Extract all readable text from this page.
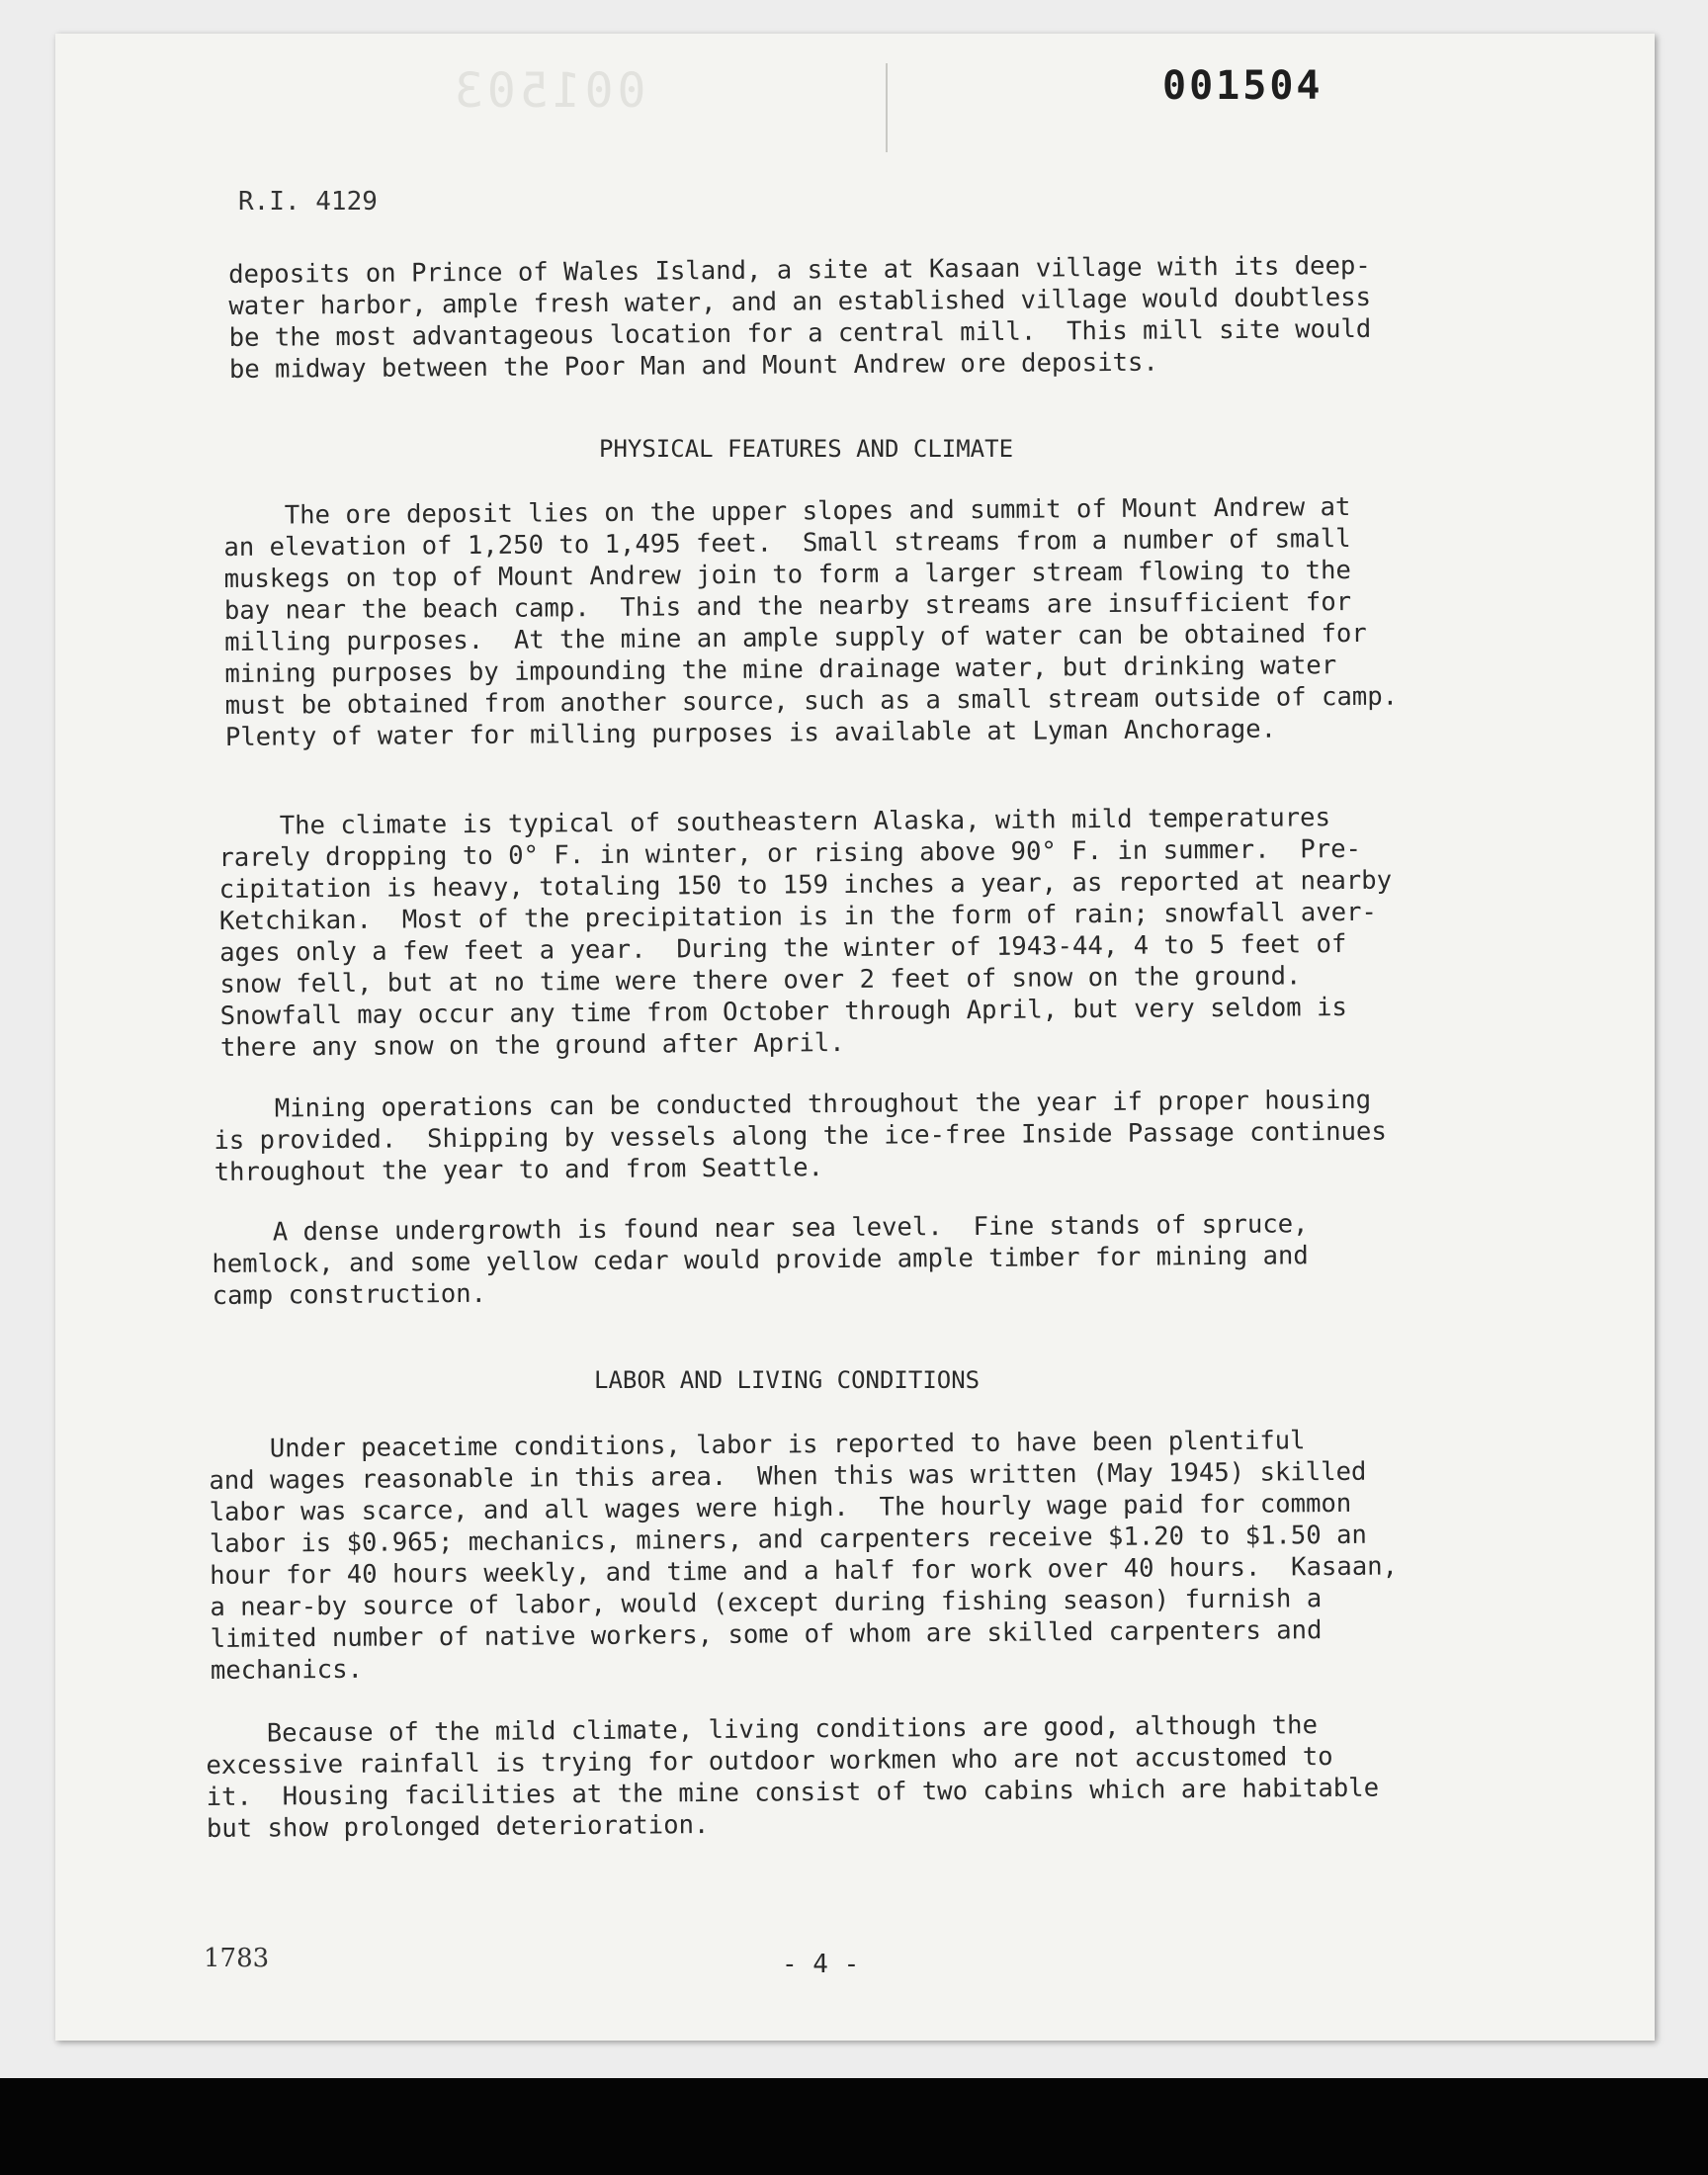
001503	001504
R.I. 4129

deposits on Prince of Wales Island, a site at Kasaan village with its deep-
water harbor, ample fresh water, and an established village would doubtless
be the most advantageous location for a central mill.  This mill site would
be midway between the Poor Man and Mount Andrew ore deposits.

PHYSICAL FEATURES AND CLIMATE

The ore deposit lies on the upper slopes and summit of Mount Andrew at
an elevation of 1,250 to 1,495 feet.  Small streams from a number of small
muskegs on top of Mount Andrew join to form a larger stream flowing to the
bay near the beach camp.  This and the nearby streams are insufficient for
milling purposes.  At the mine an ample supply of water can be obtained for
mining purposes by impounding the mine drainage water, but drinking water
must be obtained from another source, such as a small stream outside of camp.
Plenty of water for milling purposes is available at Lyman Anchorage.

The climate is typical of southeastern Alaska, with mild temperatures
rarely dropping to 0° F. in winter, or rising above 90° F. in summer.  Pre-
cipitation is heavy, totaling 150 to 159 inches a year, as reported at nearby
Ketchikan.  Most of the precipitation is in the form of rain; snowfall aver-
ages only a few feet a year.  During the winter of 1943-44, 4 to 5 feet of
snow fell, but at no time were there over 2 feet of snow on the ground.
Snowfall may occur any time from October through April, but very seldom is
there any snow on the ground after April.

Mining operations can be conducted throughout the year if proper housing
is provided.  Shipping by vessels along the ice-free Inside Passage continues
throughout the year to and from Seattle.

A dense undergrowth is found near sea level.  Fine stands of spruce,
hemlock, and some yellow cedar would provide ample timber for mining and
camp construction.

LABOR AND LIVING CONDITIONS

Under peacetime conditions, labor is reported to have been plentiful
and wages reasonable in this area.  When this was written (May 1945) skilled
labor was scarce, and all wages were high.  The hourly wage paid for common
labor is $0.965; mechanics, miners, and carpenters receive $1.20 to $1.50 an
hour for 40 hours weekly, and time and a half for work over 40 hours.  Kasaan,
a near-by source of labor, would (except during fishing season) furnish a
limited number of native workers, some of whom are skilled carpenters and
mechanics.

Because of the mild climate, living conditions are good, although the
excessive rainfall is trying for outdoor workmen who are not accustomed to
it.  Housing facilities at the mine consist of two cabins which are habitable
but show prolonged deterioration.

1783	- 4 -
